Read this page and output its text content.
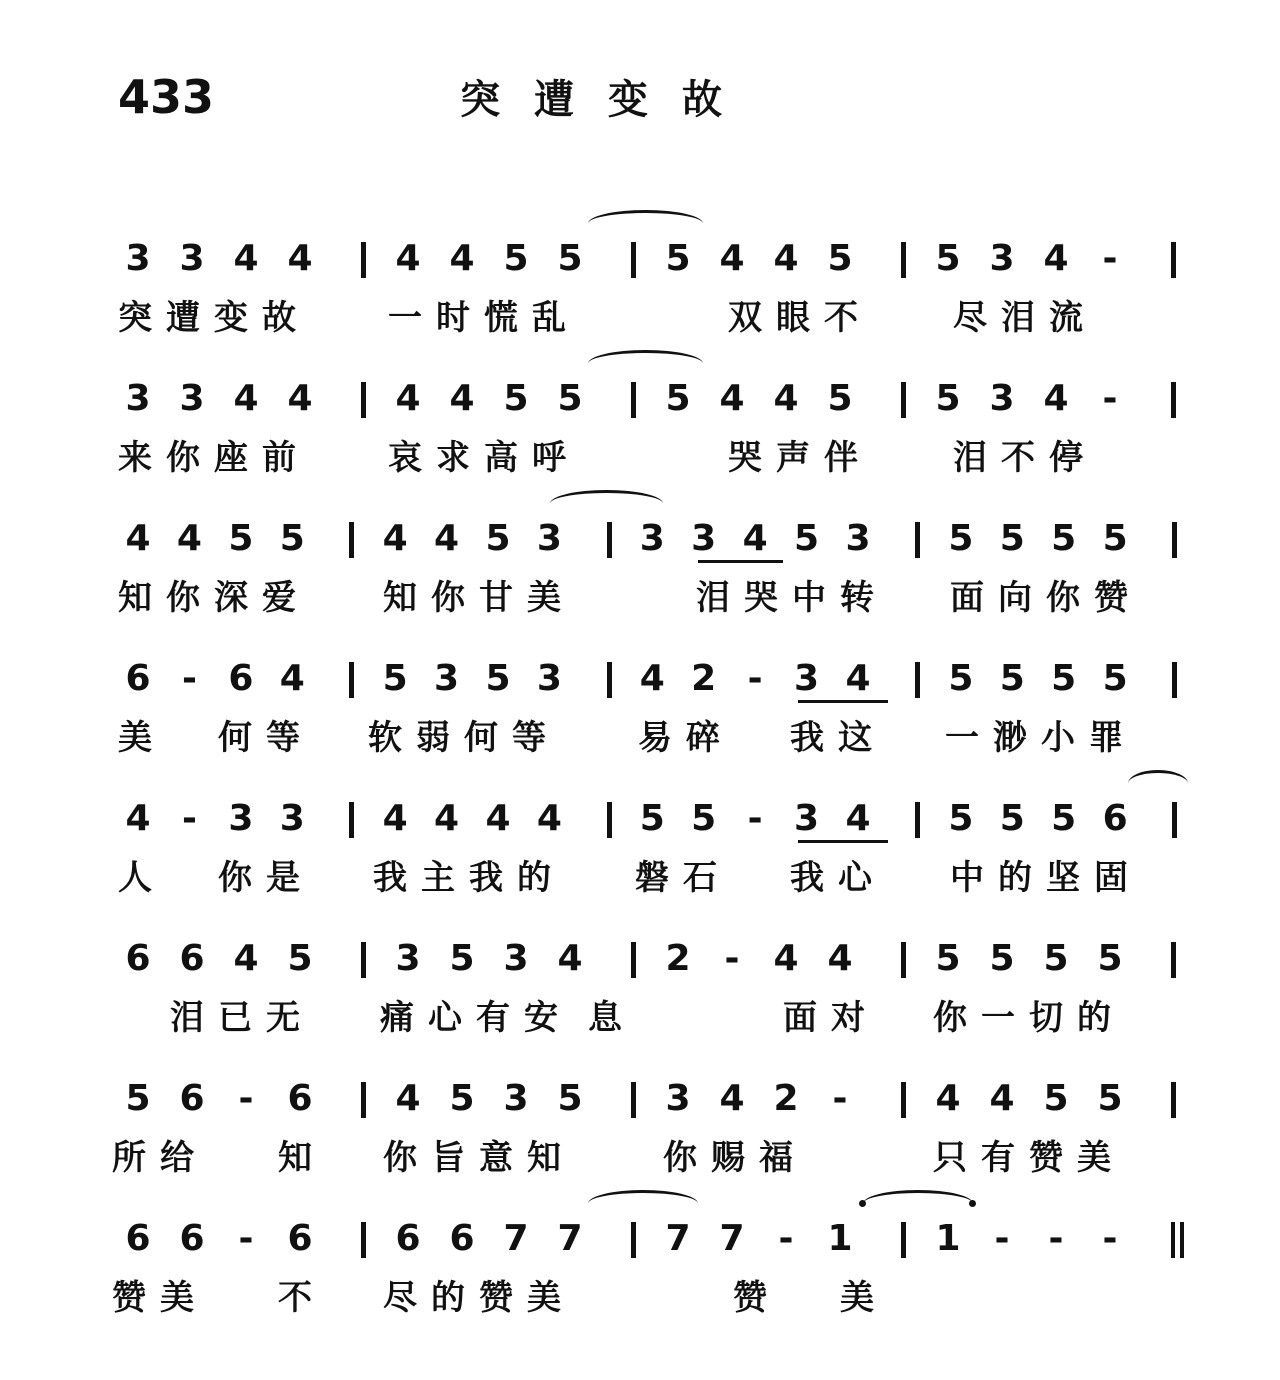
433	突遭变故
3 3 4 4 4 4 5 5 5 4 4 5 5 3 4 -
突遭变故 一时慌乱	双眼不 尽泪流
3 3 4 4 4 4 5 5 5 4 4 5 5 3 4 -
来你座前 哀求高呼	哭声伴 泪不停
4 4 5 5 4 4 5 3 3 3 4 5 3 5 5 5 5
知你深爱 知你甘美	泪哭中转 面向你赞
6 - 6 4 5 3 5 3 4 2 - 3 4 5 5 5 5
美 何等 软弱何等 易碎 我这 一渺小罪
4 - 3 3 4 4 4 4 5 5 - 3 4 5 5 5 6
人 你是 我主我的 磐石 我心 中的坚固
6 6 4 5 3 5 3 4 2 - 4 4 5 5 5 5
泪已无 痛心有安 息	面对 你一切的
5 6 - 6 4 5 3 5 3 4 2 -	4 4 5 5
所给 知 你旨意知	你赐福	只有赞美
6 6 - 6 6 6 7 7 7 7 - 1 1 -	-	-
赞美 不 尽的赞美	赞 美
